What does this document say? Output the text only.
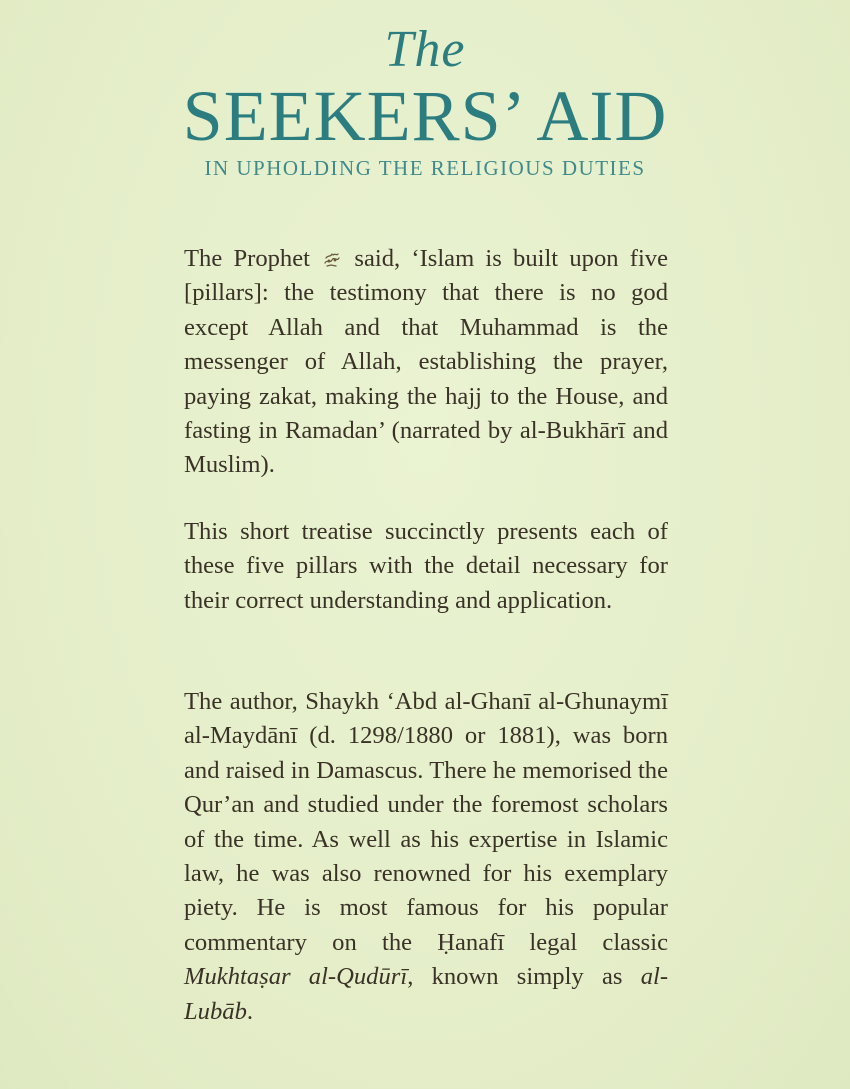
The
SEEKERS’ AID
IN UPHOLDING THE RELIGIOUS DUTIES

The Prophet  said, ‘Islam is built upon five [pillars]: the testimony that there is no god except Allah and that Muhammad is the messenger of Allah, establishing the prayer, paying zakat, making the hajj to the House, and fasting in Ramadan’ (narrated by al-Bukhārī and Muslim).

This short treatise succinctly presents each of these five pillars with the detail necessary for their correct understanding and application.

The author, Shaykh ‘Abd al-Ghanī al-Ghunaymī al-Maydānī (d. 1298/1880 or 1881), was born and raised in Damascus. There he memorised the Qur’an and studied under the foremost scholars of the time. As well as his expertise in Islamic law, he was also renowned for his exemplary piety. He is most famous for his popular commentary on the Ḥanafī legal classic Mukhtaṣar al-Qudūrī, known simply as al-Lubāb.
